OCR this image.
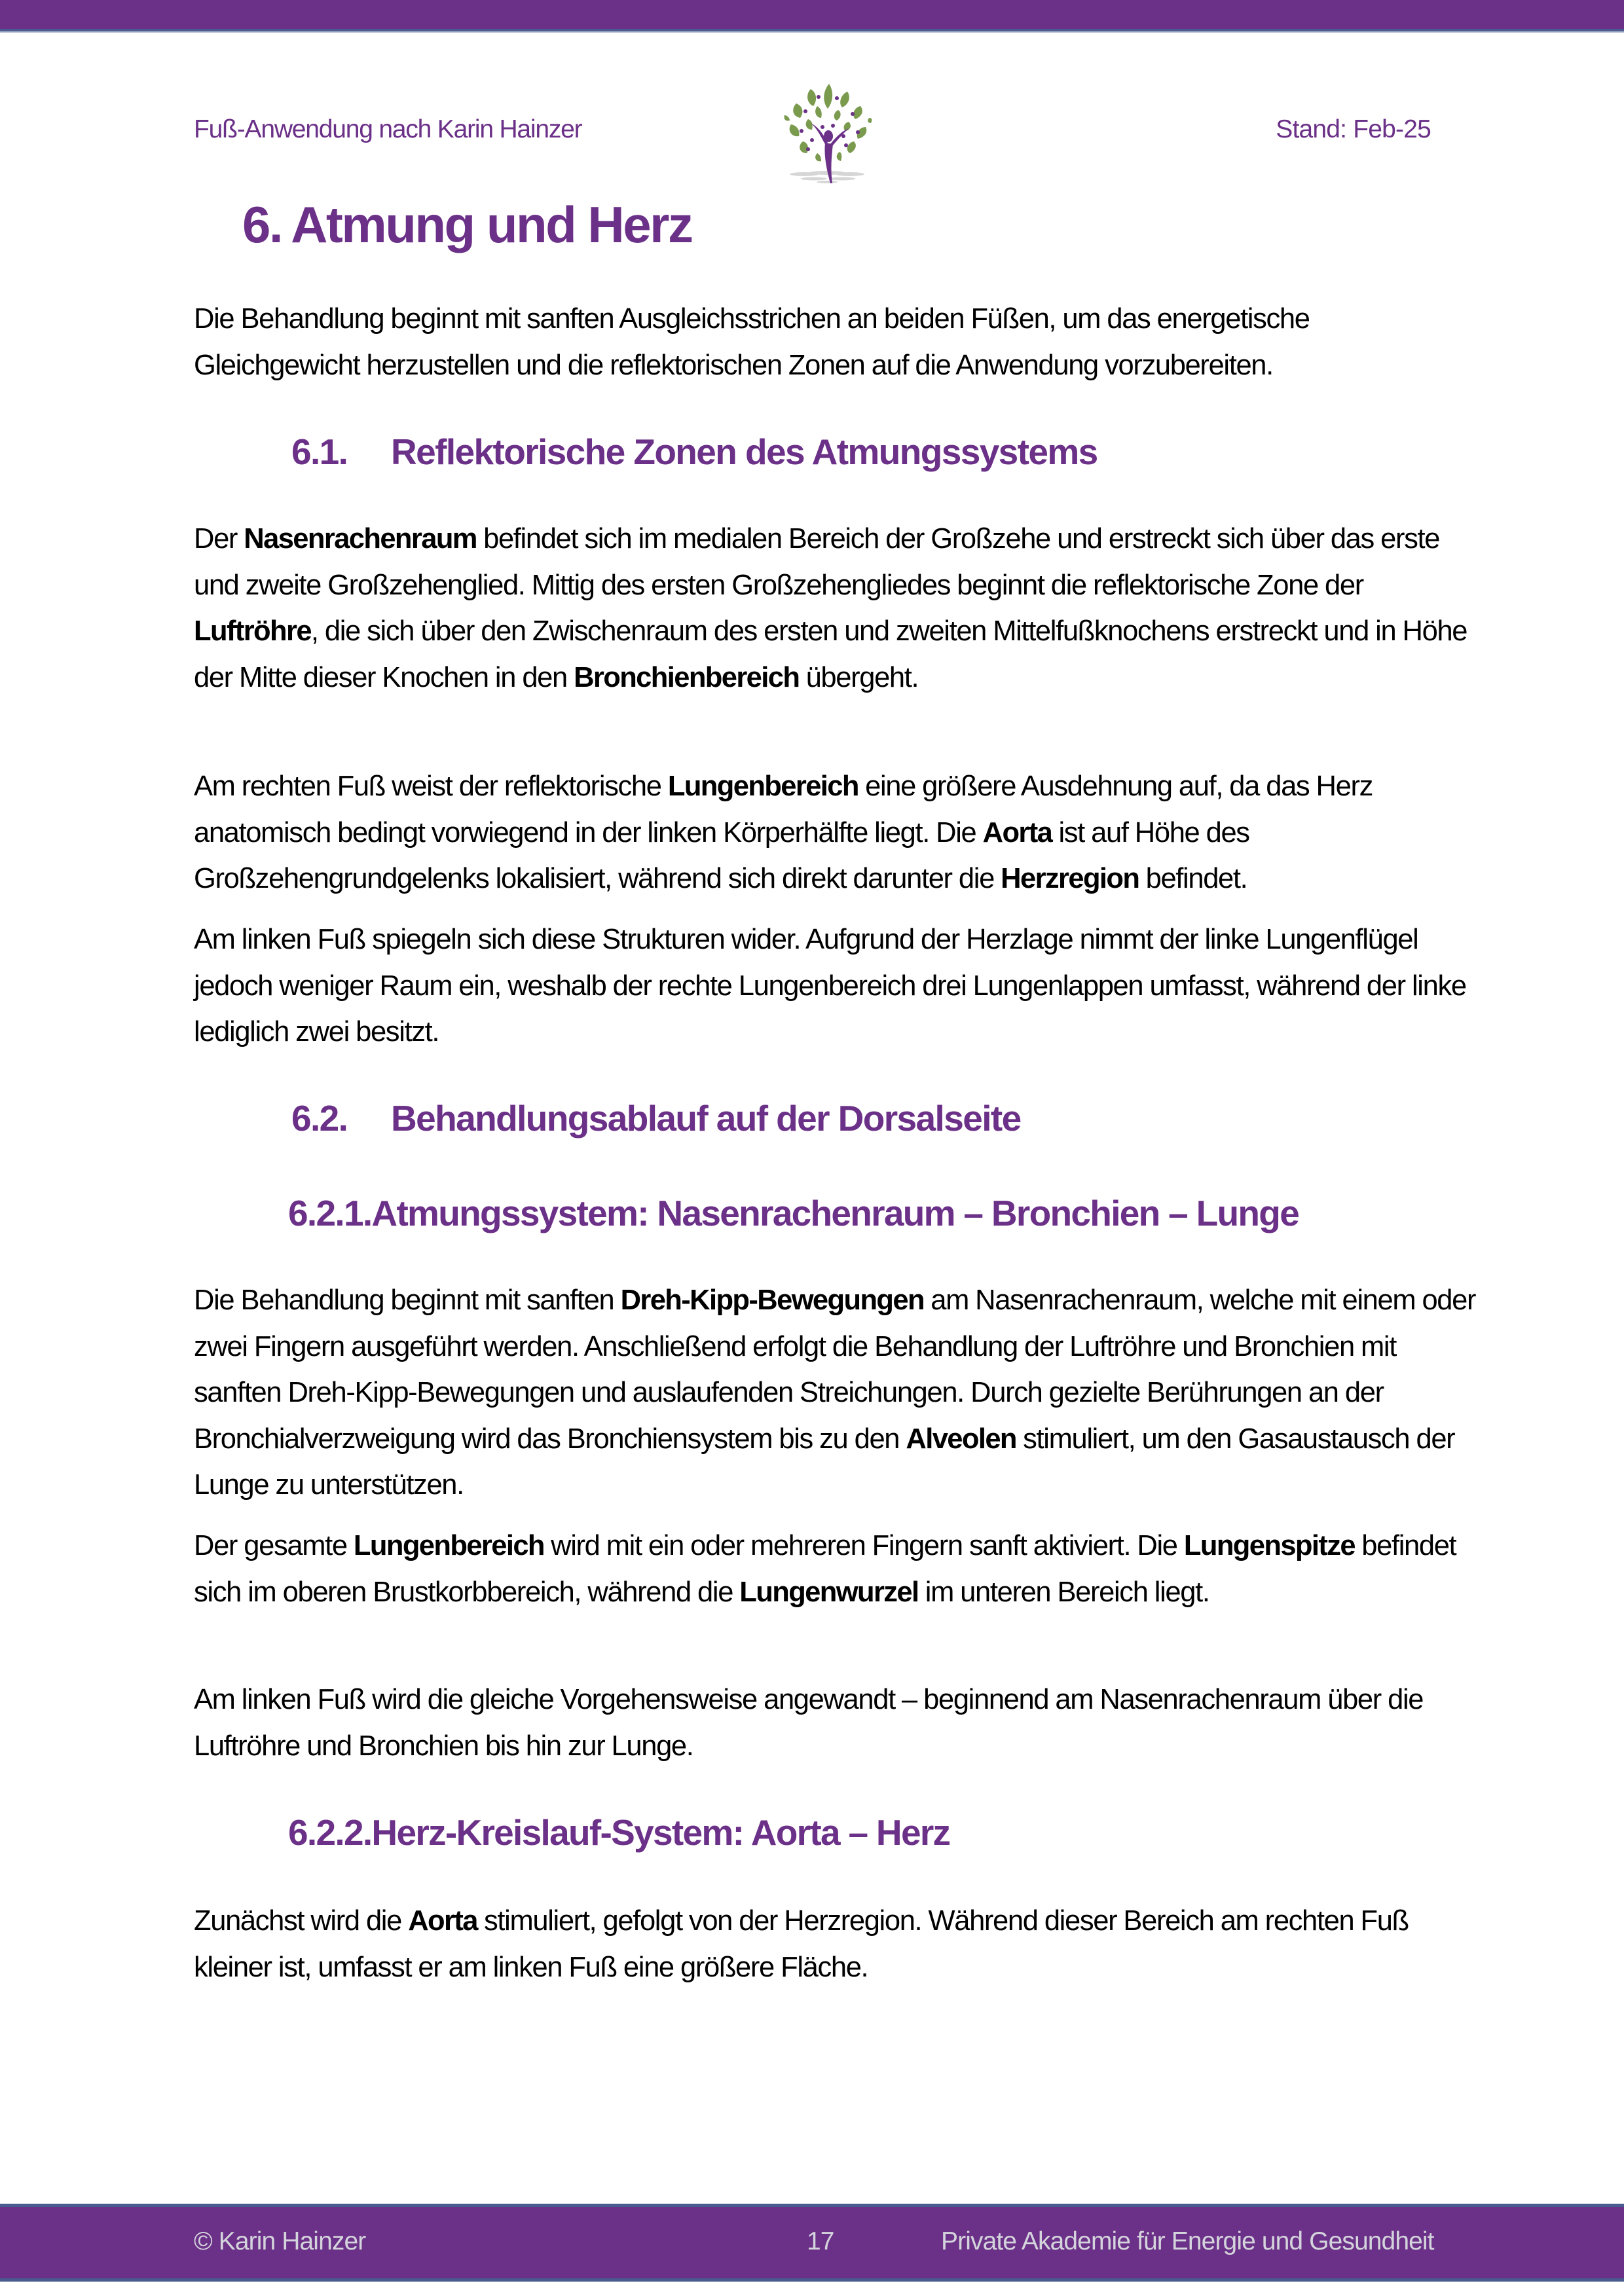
Fuß-Anwendung nach Karin Hainzer	Stand: Feb-25
6. Atmung und Herz

Die Behandlung beginnt mit sanften Ausgleichsstrichen an beiden Füßen, um das energetische Gleichgewicht herzustellen und die reflektorischen Zonen auf die Anwendung vorzubereiten.

6.1. Reflektorische Zonen des Atmungssystems

Der Nasenrachenraum befindet sich im medialen Bereich der Großzehe und erstreckt sich über das erste und zweite Großzehenglied. Mittig des ersten Großzehengliedes beginnt die reflektorische Zone der Luftröhre, die sich über den Zwischenraum des ersten und zweiten Mittelfußknochens erstreckt und in Höhe der Mitte dieser Knochen in den Bronchienbereich übergeht.

Am rechten Fuß weist der reflektorische Lungenbereich eine größere Ausdehnung auf, da das Herz anatomisch bedingt vorwiegend in der linken Körperhälfte liegt. Die Aorta ist auf Höhe des Großzehengrundgelenks lokalisiert, während sich direkt darunter die Herzregion befindet.

Am linken Fuß spiegeln sich diese Strukturen wider. Aufgrund der Herzlage nimmt der linke Lungenflügel jedoch weniger Raum ein, weshalb der rechte Lungenbereich drei Lungenlappen umfasst, während der linke lediglich zwei besitzt.

6.2. Behandlungsablauf auf der Dorsalseite
6.2.1.Atmungssystem: Nasenrachenraum – Bronchien – Lunge

Die Behandlung beginnt mit sanften Dreh-Kipp-Bewegungen am Nasenrachenraum, welche mit einem oder zwei Fingern ausgeführt werden. Anschließend erfolgt die Behandlung der Luftröhre und Bronchien mit sanften Dreh-Kipp-Bewegungen und auslaufenden Streichungen. Durch gezielte Berührungen an der Bronchialverzweigung wird das Bronchiensystem bis zu den Alveolen stimuliert, um den Gasaustausch der Lunge zu unterstützen.

Der gesamte Lungenbereich wird mit ein oder mehreren Fingern sanft aktiviert. Die Lungenspitze befindet sich im oberen Brustkorbbereich, während die Lungenwurzel im unteren Bereich liegt.

Am linken Fuß wird die gleiche Vorgehensweise angewandt – beginnend am Nasenrachenraum über die Luftröhre und Bronchien bis hin zur Lunge.

6.2.2.Herz-Kreislauf-System: Aorta – Herz

Zunächst wird die Aorta stimuliert, gefolgt von der Herzregion. Während dieser Bereich am rechten Fuß kleiner ist, umfasst er am linken Fuß eine größere Fläche.

© Karin Hainzer	17	Private Akademie für Energie und Gesundheit
